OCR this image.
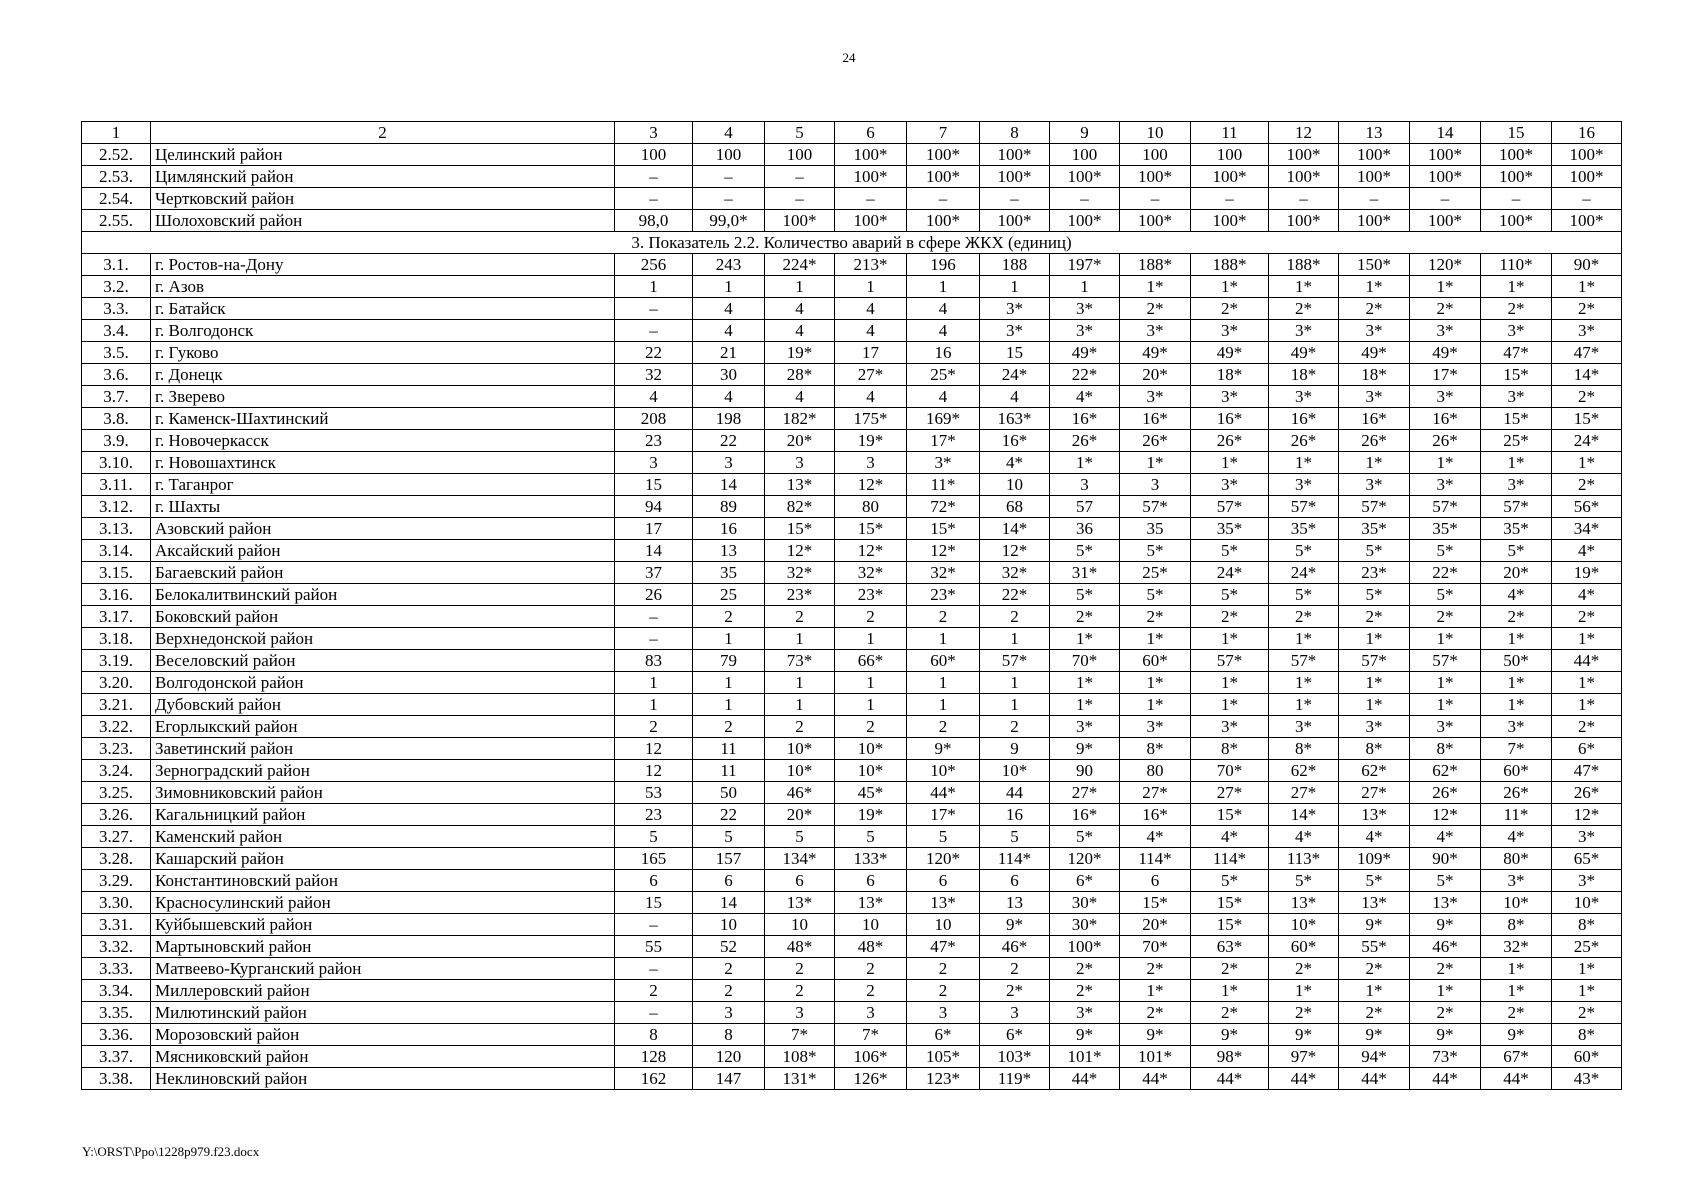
24
1	2	3	4	5	6	7	8	9	10	11	12	13	14	15	16
2.52.	Целинский район	100	100	100	100*	100*	100*	100	100	100	100*	100*	100*	100*	100*
2.53.	Цимлянский район	–	–	–	100*	100*	100*	100*	100*	100*	100*	100*	100*	100*	100*
2.54.	Чертковский район	–	–	–	–	–	–	–	–	–	–	–	–	–	–
2.55.	Шолоховский район	98,0	99,0*	100*	100*	100*	100*	100*	100*	100*	100*	100*	100*	100*	100*
3. Показатель 2.2. Количество аварий в сфере ЖКХ (единиц)															
3.1.	г. Ростов-на-Дону	256	243	224*	213*	196	188	197*	188*	188*	188*	150*	120*	110*	90*
3.2.	г. Азов	1	1	1	1	1	1	1	1*	1*	1*	1*	1*	1*	1*
3.3.	г. Батайск	–	4	4	4	4	3*	3*	2*	2*	2*	2*	2*	2*	2*
3.4.	г. Волгодонск	–	4	4	4	4	3*	3*	3*	3*	3*	3*	3*	3*	3*
3.5.	г. Гуково	22	21	19*	17	16	15	49*	49*	49*	49*	49*	49*	47*	47*
3.6.	г. Донецк	32	30	28*	27*	25*	24*	22*	20*	18*	18*	18*	17*	15*	14*
3.7.	г. Зверево	4	4	4	4	4	4	4*	3*	3*	3*	3*	3*	3*	2*
3.8.	г. Каменск-Шахтинский	208	198	182*	175*	169*	163*	16*	16*	16*	16*	16*	16*	15*	15*
3.9.	г. Новочеркасск	23	22	20*	19*	17*	16*	26*	26*	26*	26*	26*	26*	25*	24*
3.10.	г. Новошахтинск	3	3	3	3	3*	4*	1*	1*	1*	1*	1*	1*	1*	1*
3.11.	г. Таганрог	15	14	13*	12*	11*	10	3	3	3*	3*	3*	3*	3*	2*
3.12.	г. Шахты	94	89	82*	80	72*	68	57	57*	57*	57*	57*	57*	57*	56*
3.13.	Азовский район	17	16	15*	15*	15*	14*	36	35	35*	35*	35*	35*	35*	34*
3.14.	Аксайский район	14	13	12*	12*	12*	12*	5*	5*	5*	5*	5*	5*	5*	4*
3.15.	Багаевский район	37	35	32*	32*	32*	32*	31*	25*	24*	24*	23*	22*	20*	19*
3.16.	Белокалитвинский район	26	25	23*	23*	23*	22*	5*	5*	5*	5*	5*	5*	4*	4*
3.17.	Боковский район	–	2	2	2	2	2	2*	2*	2*	2*	2*	2*	2*	2*
3.18.	Верхнедонской район	–	1	1	1	1	1	1*	1*	1*	1*	1*	1*	1*	1*
3.19.	Веселовский район	83	79	73*	66*	60*	57*	70*	60*	57*	57*	57*	57*	50*	44*
3.20.	Волгодонской район	1	1	1	1	1	1	1*	1*	1*	1*	1*	1*	1*	1*
3.21.	Дубовский район	1	1	1	1	1	1	1*	1*	1*	1*	1*	1*	1*	1*
3.22.	Егорлыкский район	2	2	2	2	2	2	3*	3*	3*	3*	3*	3*	3*	2*
3.23.	Заветинский район	12	11	10*	10*	9*	9	9*	8*	8*	8*	8*	8*	7*	6*
3.24.	Зерноградский район	12	11	10*	10*	10*	10*	90	80	70*	62*	62*	62*	60*	47*
3.25.	Зимовниковский район	53	50	46*	45*	44*	44	27*	27*	27*	27*	27*	26*	26*	26*
3.26.	Кагальницкий район	23	22	20*	19*	17*	16	16*	16*	15*	14*	13*	12*	11*	12*
3.27.	Каменский район	5	5	5	5	5	5	5*	4*	4*	4*	4*	4*	4*	3*
3.28.	Кашарский район	165	157	134*	133*	120*	114*	120*	114*	114*	113*	109*	90*	80*	65*
3.29.	Константиновский район	6	6	6	6	6	6	6*	6	5*	5*	5*	5*	3*	3*
3.30.	Красносулинский район	15	14	13*	13*	13*	13	30*	15*	15*	13*	13*	13*	10*	10*
3.31.	Куйбышевский район	–	10	10	10	10	9*	30*	20*	15*	10*	9*	9*	8*	8*
3.32.	Мартыновский район	55	52	48*	48*	47*	46*	100*	70*	63*	60*	55*	46*	32*	25*
3.33.	Матвеево-Курганский район	–	2	2	2	2	2	2*	2*	2*	2*	2*	2*	1*	1*
3.34.	Миллеровский район	2	2	2	2	2	2*	2*	1*	1*	1*	1*	1*	1*	1*
3.35.	Милютинский район	–	3	3	3	3	3	3*	2*	2*	2*	2*	2*	2*	2*
3.36.	Морозовский район	8	8	7*	7*	6*	6*	9*	9*	9*	9*	9*	9*	9*	8*
3.37.	Мясниковский район	128	120	108*	106*	105*	103*	101*	101*	98*	97*	94*	73*	67*	60*
3.38.	Неклиновский район	162	147	131*	126*	123*	119*	44*	44*	44*	44*	44*	44*	44*	43*
Y:\ORST\Ppo\1228p979.f23.docx
